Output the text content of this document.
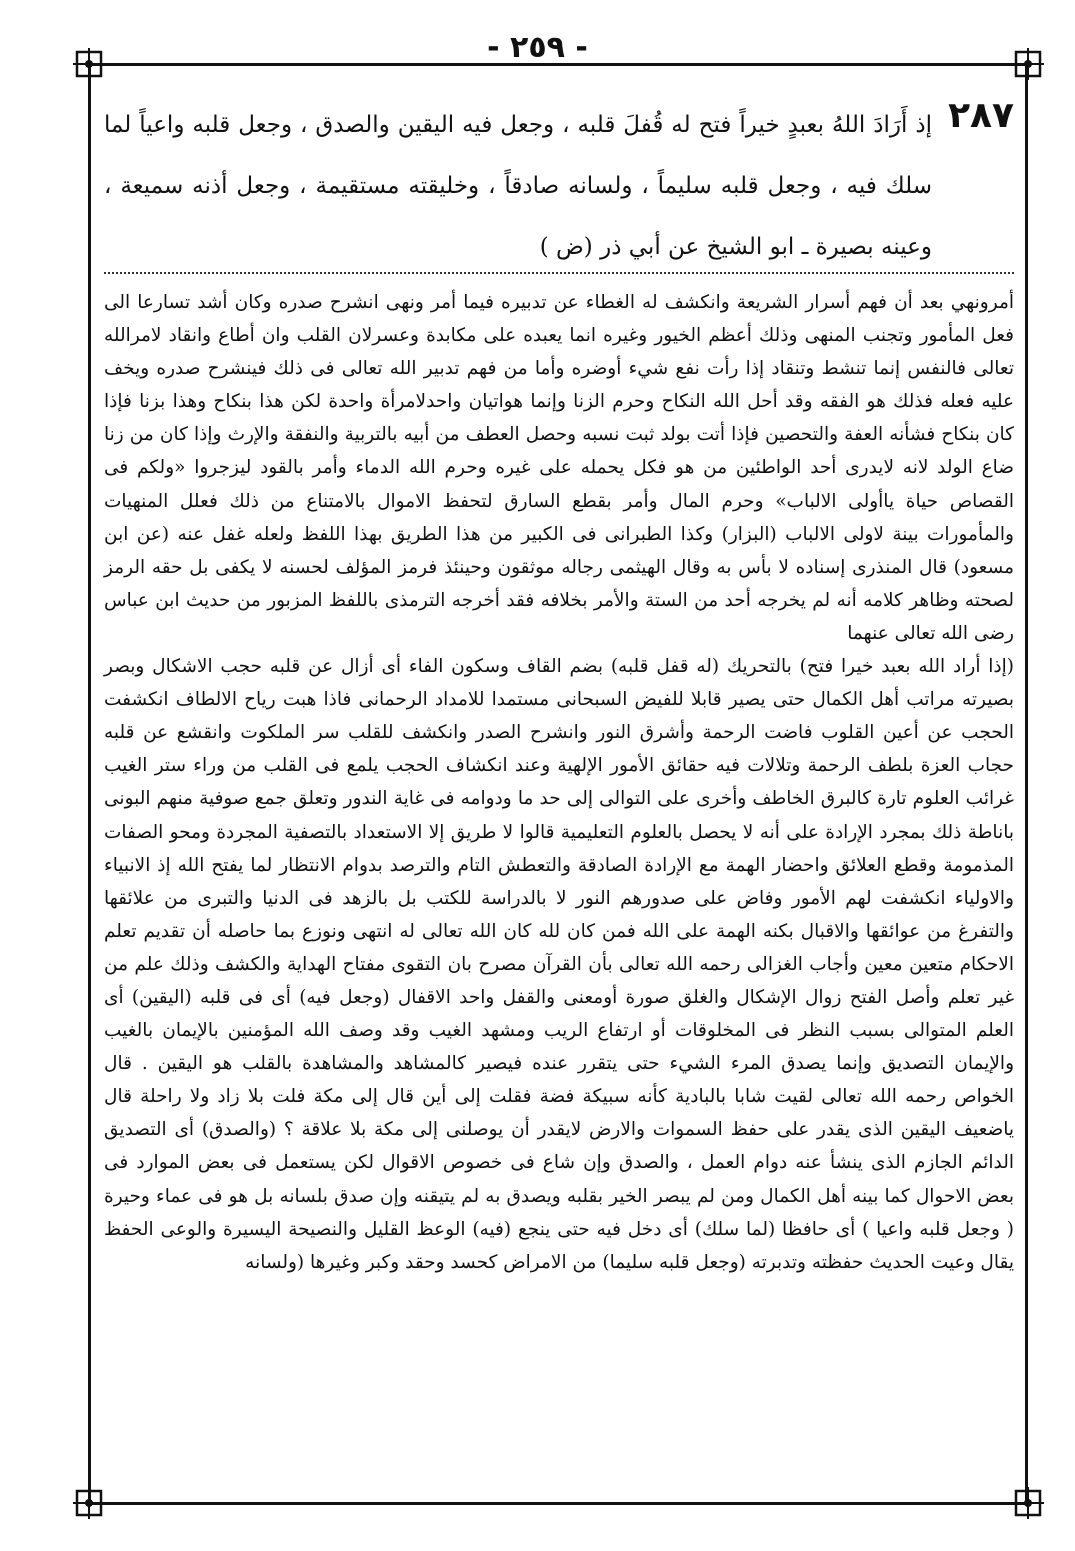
- ٢٥٩ -
٢٨٧

إذ أَرَادَ اللهُ بعبدٍ خيراً فتح له قُفلَ قلبه ، وجعل فيه اليقين والصدق ، وجعل قلبه واعياً لما سلك فيه ، وجعل قلبه سليماً ، ولسانه صادقاً ، وخليقته مستقيمة ، وجعل أذنه سميعة ، وعينه بصيرة ـ ابو الشيخ عن أبي ذر (ض )

أمرونهي بعد أن فهم أسرار الشريعة وانكشف له الغطاء عن تدبيره فيما أمر ونهى انشرح صدره وكان أشد تسارعا الى فعل المأمور وتجنب المنهى وذلك أعظم الخيور وغيره انما يعبده على مكابدة وعسرلان القلب وان أطاع وانقاد لامرالله تعالى فالنفس إنما تنشط وتنقاد إذا رأت نفع شيء أوضره وأما من فهم تدبير الله تعالى فى ذلك فينشرح صدره ويخف عليه فعله فذلك هو الفقه وقد أحل الله النكاح وحرم الزنا وإنما هواتيان واحدلامرأة واحدة لكن هذا بنكاح وهذا بزنا فإذا كان بنكاح فشأنه العفة والتحصين فإذا أتت بولد ثبت نسبه وحصل العطف من أبيه بالتربية والنفقة والإرث وإذا كان من زنا ضاع الولد لانه لايدرى أحد الواطئين من هو فكل يحمله على غيره وحرم الله الدماء وأمر بالقود ليزجروا «ولكم فى القصاص حياة ياأولى الالباب» وحرم المال وأمر بقطع السارق لتحفظ الاموال بالامتناع من ذلك فعلل المنهيات والمأمورات بينة لاولى الالباب (البزار) وكذا الطبرانى فى الكبير من هذا الطريق بهذا اللفظ ولعله غفل عنه (عن ابن مسعود) قال المنذرى إسناده لا بأس به وقال الهيثمى رجاله موثقون وحينئذ فرمز المؤلف لحسنه لا يكفى بل حقه الرمز لصحته وظاهر كلامه أنه لم يخرجه أحد من الستة والأمر بخلافه فقد أخرجه الترمذى باللفظ المزبور من حديث ابن عباس رضى الله تعالى عنهما

(إذا أراد الله بعبد خيرا فتح) بالتحريك (له قفل قلبه) بضم القاف وسكون الفاء أى أزال عن قلبه حجب الاشكال وبصر بصيرته مراتب أهل الكمال حتى يصير قابلا للفيض السبحانى مستمدا للامداد الرحمانى فاذا هبت رياح الالطاف انكشفت الحجب عن أعين القلوب فاضت الرحمة وأشرق النور وانشرح الصدر وانكشف للقلب سر الملكوت وانقشع عن قلبه حجاب العزة بلطف الرحمة وتلالات فيه حقائق الأمور الإلهية وعند انكشاف الحجب يلمع فى القلب من وراء ستر الغيب غرائب العلوم تارة كالبرق الخاطف وأخرى على التوالى إلى حد ما ودوامه فى غاية الندور وتعلق جمع صوفية منهم البونى باناطة ذلك بمجرد الإرادة على أنه لا يحصل بالعلوم التعليمية قالوا لا طريق إلا الاستعداد بالتصفية المجردة ومحو الصفات المذمومة وقطع العلائق واحضار الهمة مع الإرادة الصادقة والتعطش التام والترصد بدوام الانتظار لما يفتح الله إذ الانبياء والاولياء انكشفت لهم الأمور وفاض على صدورهم النور لا بالدراسة للكتب بل بالزهد فى الدنيا والتبرى من علائقها والتفرغ من عوائقها والاقبال بكنه الهمة على الله فمن كان لله كان الله تعالى له انتهى ونوزع بما حاصله أن تقديم تعلم الاحكام متعين معين وأجاب الغزالى رحمه الله تعالى بأن القرآن مصرح بان التقوى مفتاح الهداية والكشف وذلك علم من غير تعلم وأصل الفتح زوال الإشكال والغلق صورة أومعنى والقفل واحد الاقفال (وجعل فيه) أى فى قلبه (اليقين) أى العلم المتوالى بسبب النظر فى المخلوقات أو ارتفاع الريب ومشهد الغيب وقد وصف الله المؤمنين بالإيمان بالغيب والإيمان التصديق وإنما يصدق المرء الشيء حتى يتقرر عنده فيصير كالمشاهد والمشاهدة بالقلب هو اليقين . قال الخواص رحمه الله تعالى لقيت شابا بالبادية كأنه سبيكة فضة فقلت إلى أين قال إلى مكة فلت بلا زاد ولا راحلة قال ياضعيف اليقين الذى يقدر على حفظ السموات والارض لايقدر أن يوصلنى إلى مكة بلا علاقة ؟ (والصدق) أى التصديق الدائم الجازم الذى ينشأ عنه دوام العمل ، والصدق وإن شاع فى خصوص الاقوال لكن يستعمل فى بعض الموارد فى بعض الاحوال كما بينه أهل الكمال ومن لم يبصر الخير بقلبه ويصدق به لم يتيقنه وإن صدق بلسانه بل هو فى عماء وحيرة ( وجعل قلبه واعيا ) أى حافظا (لما سلك) أى دخل فيه حتى ينجع (فيه) الوعظ القليل والنصيحة اليسيرة والوعى الحفظ يقال وعيت الحديث حفظته وتدبرته (وجعل قلبه سليما) من الامراض كحسد وحقد وكبر وغيرها (ولسانه
